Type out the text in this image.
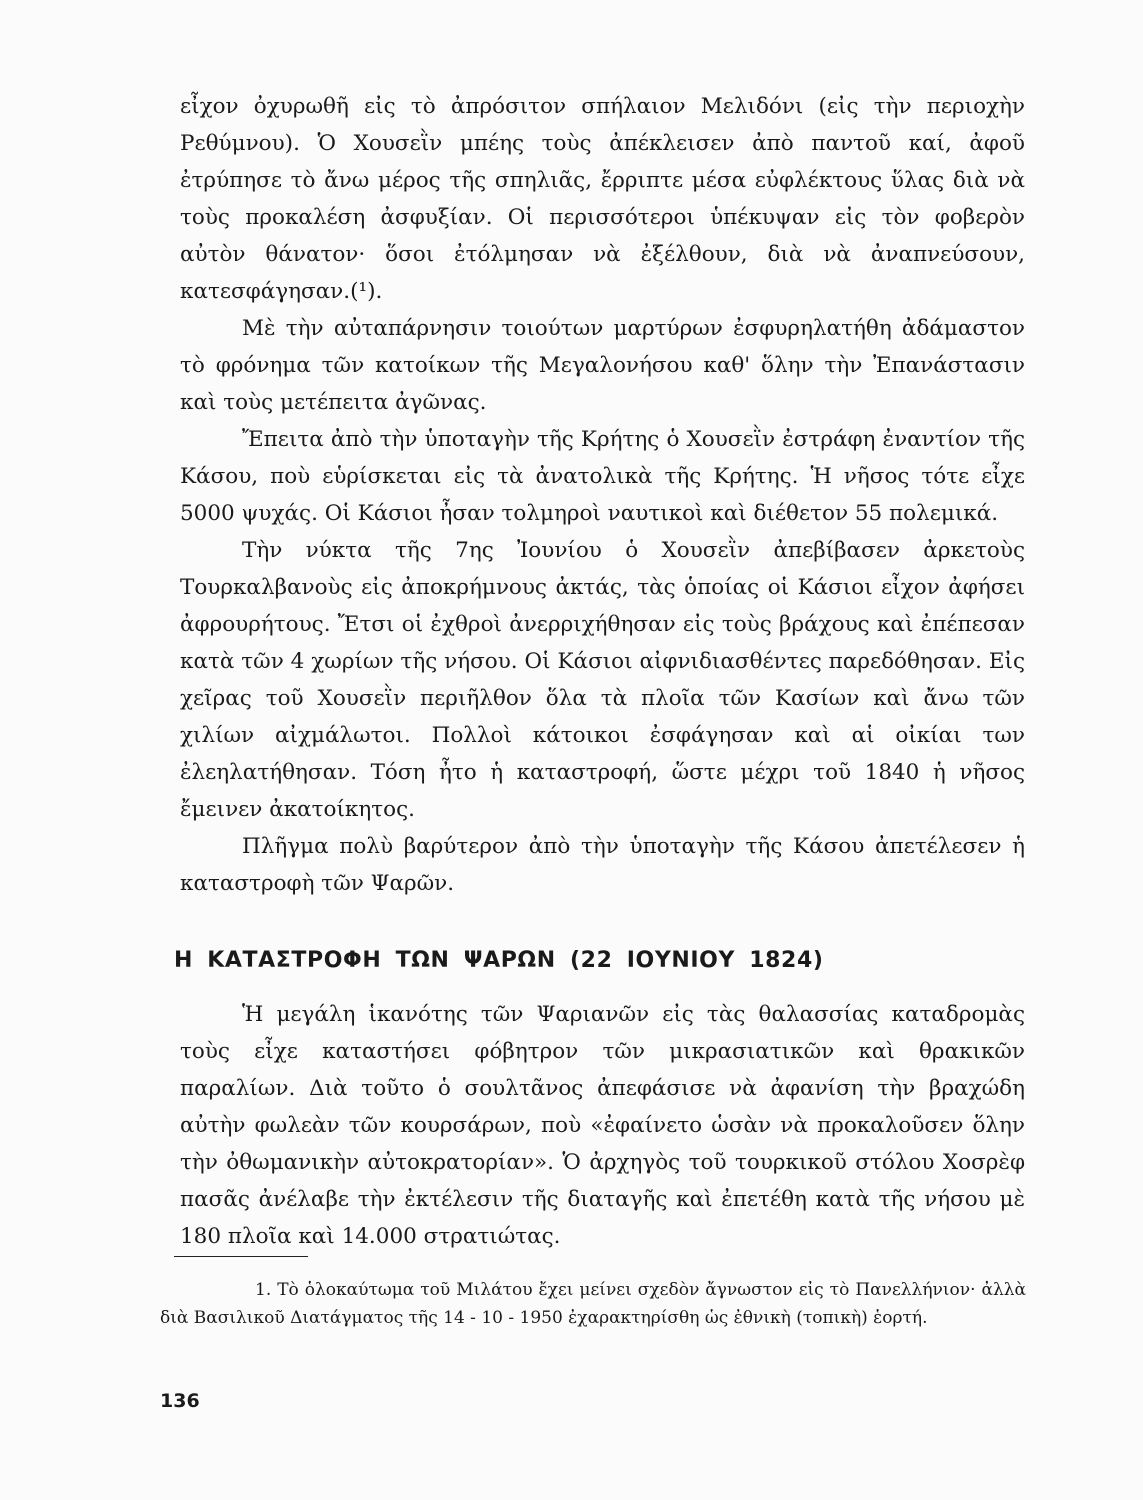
εἶχον ὀχυρωθῆ εἰς τὸ ἀπρόσιτον σπήλαιον Μελιδόνι (εἰς τὴν περιοχὴν Ρεθύμνου). Ὁ Χουσεῒν μπέης τοὺς ἀπέκλεισεν ἀπὸ παντοῦ καί, ἀφοῦ ἐτρύπησε τὸ ἄνω μέρος τῆς σπηλιᾶς, ἔρριπτε μέσα εὐφλέκτους ὕλας διὰ νὰ τοὺς προκαλέση ἀσφυξίαν. Οἱ περισσότεροι ὑπέκυψαν εἰς τὸν φοβερὸν αὐτὸν θάνατον· ὅσοι ἐτόλμησαν νὰ ἐξέλθουν, διὰ νὰ ἀναπνεύσουν, κατεσφάγησαν.(¹).

Μὲ τὴν αὐταπάρνησιν τοιούτων μαρτύρων ἐσφυρηλατήθη ἀδάμαστον τὸ φρόνημα τῶν κατοίκων τῆς Μεγαλονήσου καθ' ὅλην τὴν Ἐπανάστασιν καὶ τοὺς μετέπειτα ἀγῶνας.

Ἔπειτα ἀπὸ τὴν ὑποταγὴν τῆς Κρήτης ὁ Χουσεῒν ἐστράφη ἐναντίον τῆς Κάσου, ποὺ εὑρίσκεται εἰς τὰ ἀνατολικὰ τῆς Κρήτης. Ἡ νῆσος τότε εἶχε 5000 ψυχάς. Οἱ Κάσιοι ἦσαν τολμηροὶ ναυτικοὶ καὶ διέθετον 55 πολεμικά.

Τὴν νύκτα τῆς 7ης Ἰουνίου ὁ Χουσεῒν ἀπεβίβασεν ἀρκετοὺς Τουρκαλβανοὺς εἰς ἀποκρήμνους ἀκτάς, τὰς ὁποίας οἱ Κάσιοι εἶχον ἀφήσει ἀφρουρήτους. Ἔτσι οἱ ἐχθροὶ ἀνερριχήθησαν εἰς τοὺς βράχους καὶ ἐπέπεσαν κατὰ τῶν 4 χωρίων τῆς νήσου. Οἱ Κάσιοι αἰφνιδιασθέντες παρεδόθησαν. Εἰς χεῖρας τοῦ Χουσεῒν περιῆλθον ὅλα τὰ πλοῖα τῶν Κασίων καὶ ἄνω τῶν χιλίων αἰχμάλωτοι. Πολλοὶ κάτοικοι ἐσφάγησαν καὶ αἱ οἰκίαι των ἐλεηλατήθησαν. Τόση ἦτο ἡ καταστροφή, ὥστε μέχρι τοῦ 1840 ἡ νῆσος ἔμεινεν ἀκατοίκητος.

Πλῆγμα πολὺ βαρύτερον ἀπὸ τὴν ὑποταγὴν τῆς Κάσου ἀπετέλεσεν ἡ καταστροφὴ τῶν Ψαρῶν.

Η ΚΑΤΑΣΤΡΟΦΗ ΤΩΝ ΨΑΡΩΝ (22 ΙΟΥΝΙΟΥ 1824)

Ἡ μεγάλη ἱκανότης τῶν Ψαριανῶν εἰς τὰς θαλασσίας καταδρομὰς τοὺς εἶχε καταστήσει φόβητρον τῶν μικρασιατικῶν καὶ θρακικῶν παραλίων. Διὰ τοῦτο ὁ σουλτᾶνος ἀπεφάσισε νὰ ἀφανίση τὴν βραχώδη αὐτὴν φωλεὰν τῶν κουρσάρων, ποὺ «ἐφαίνετο ὡσὰν νὰ προκαλοῦσεν ὅλην τὴν ὀθωμανικὴν αὐτοκρατορίαν». Ὁ ἀρχηγὸς τοῦ τουρκικοῦ στόλου Χοσρὲφ πασᾶς ἀνέλαβε τὴν ἐκτέλεσιν τῆς διαταγῆς καὶ ἐπετέθη κατὰ τῆς νήσου μὲ 180 πλοῖα καὶ 14.000 στρατιώτας.

1. Τὸ ὁλοκαύτωμα τοῦ Μιλάτου ἔχει μείνει σχεδὸν ἄγνωστον εἰς τὸ Πανελλήνιον· ἀλλὰ διὰ Βασιλικοῦ Διατάγματος τῆς 14 - 10 - 1950 ἐχαρακτηρίσθη ὡς ἐθνικὴ (τοπικὴ) ἑορτή.

136
